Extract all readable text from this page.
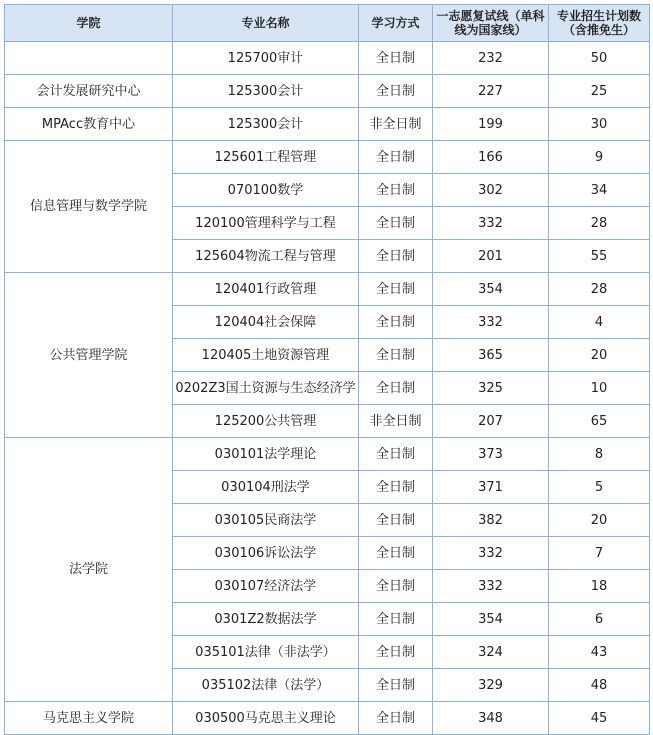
学院	专业名称	学习方式	一志愿复试线（单科线为国家线）	专业招生计划数（含推免生）

	125700审计	全日制	232	50
会计发展研究中心	125300会计	全日制	227	25
MPAcc教育中心	125300会计	非全日制	199	30
信息管理与数学学院	125601工程管理	全日制	166	9

	070100数学	全日制	302	34

	120100管理科学与工程	全日制	332	28

	125604物流工程与管理	全日制	201	55
公共管理学院	120401行政管理	全日制	354	28

	120404社会保障	全日制	332	4

	120405土地资源管理	全日制	365	20

	0202Z3国土资源与生态经济学	全日制	325	10

	125200公共管理	非全日制	207	65
法学院	030101法学理论	全日制	373	8

	030104刑法学	全日制	371	5

	030105民商法学	全日制	382	20

	030106诉讼法学	全日制	332	7

	030107经济法学	全日制	332	18

	0301Z2数据法学	全日制	354	6

	035101法律（非法学）	全日制	324	43

	035102法律（法学）	全日制	329	48
马克思主义学院	030500马克思主义理论	全日制	348	45
